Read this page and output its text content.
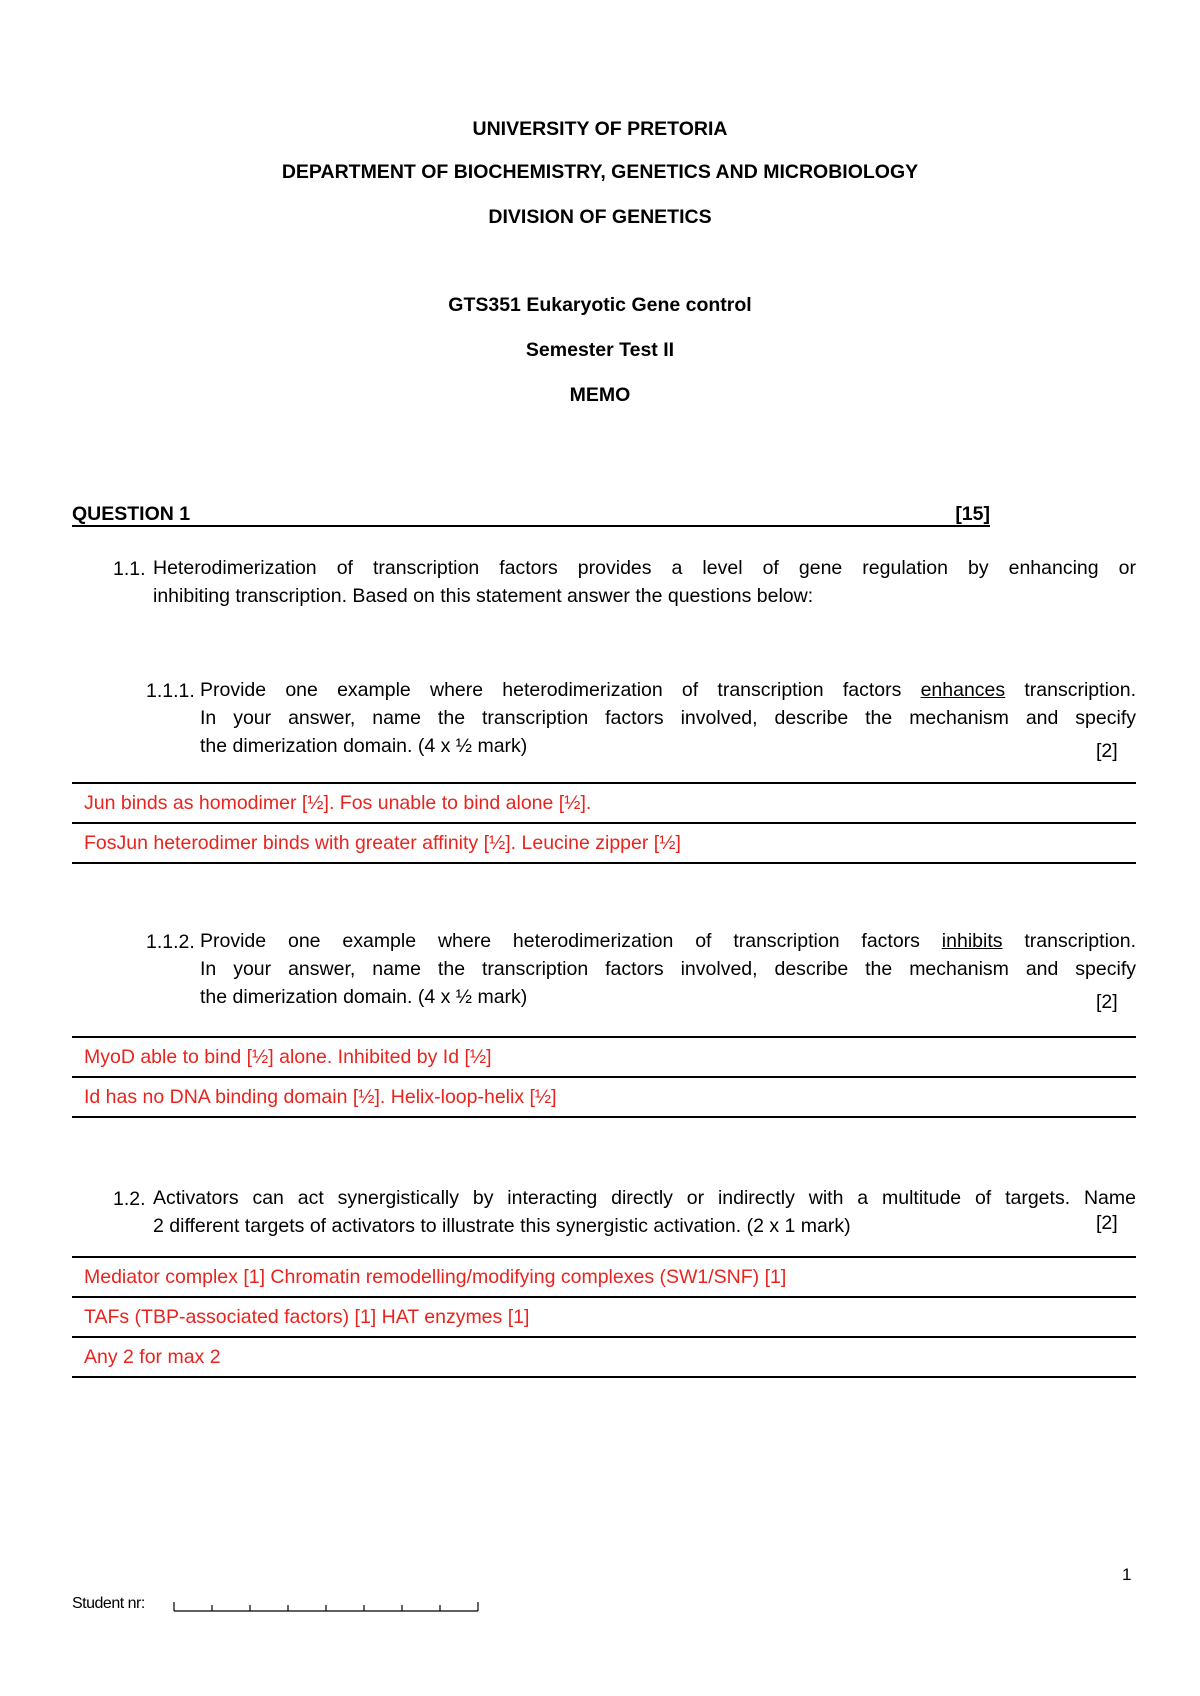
UNIVERSITY OF PRETORIA
DEPARTMENT OF BIOCHEMISTRY, GENETICS AND MICROBIOLOGY
DIVISION OF GENETICS
GTS351 Eukaryotic Gene control
Semester Test II
MEMO
QUESTION 1	[15]
1.1. Heterodimerization of transcription factors provides a level of gene regulation by enhancing or
inhibiting transcription. Based on this statement answer the questions below:
1.1.1. Provide one example where heterodimerization of transcription factors enhances transcription.
In your answer, name the transcription factors involved, describe the mechanism and specify
the dimerization domain. (4 x ½ mark)	[2]
Jun binds as homodimer [½]. Fos unable to bind alone [½].
FosJun heterodimer binds with greater affinity [½]. Leucine zipper [½]
1.1.2. Provide one example where heterodimerization of transcription factors inhibits transcription.
In your answer, name the transcription factors involved, describe the mechanism and specify
the dimerization domain. (4 x ½ mark)	[2]
MyoD able to bind [½] alone. Inhibited by Id [½]
Id has no DNA binding domain [½]. Helix-loop-helix [½]
1.2. Activators can act synergistically by interacting directly or indirectly with a multitude of targets. Name
2 different targets of activators to illustrate this synergistic activation. (2 x 1 mark)	[2]
Mediator complex [1] Chromatin remodelling/modifying complexes (SW1/SNF) [1]
TAFs (TBP-associated factors) [1] HAT enzymes [1]
Any 2 for max 2
1
Student nr:
